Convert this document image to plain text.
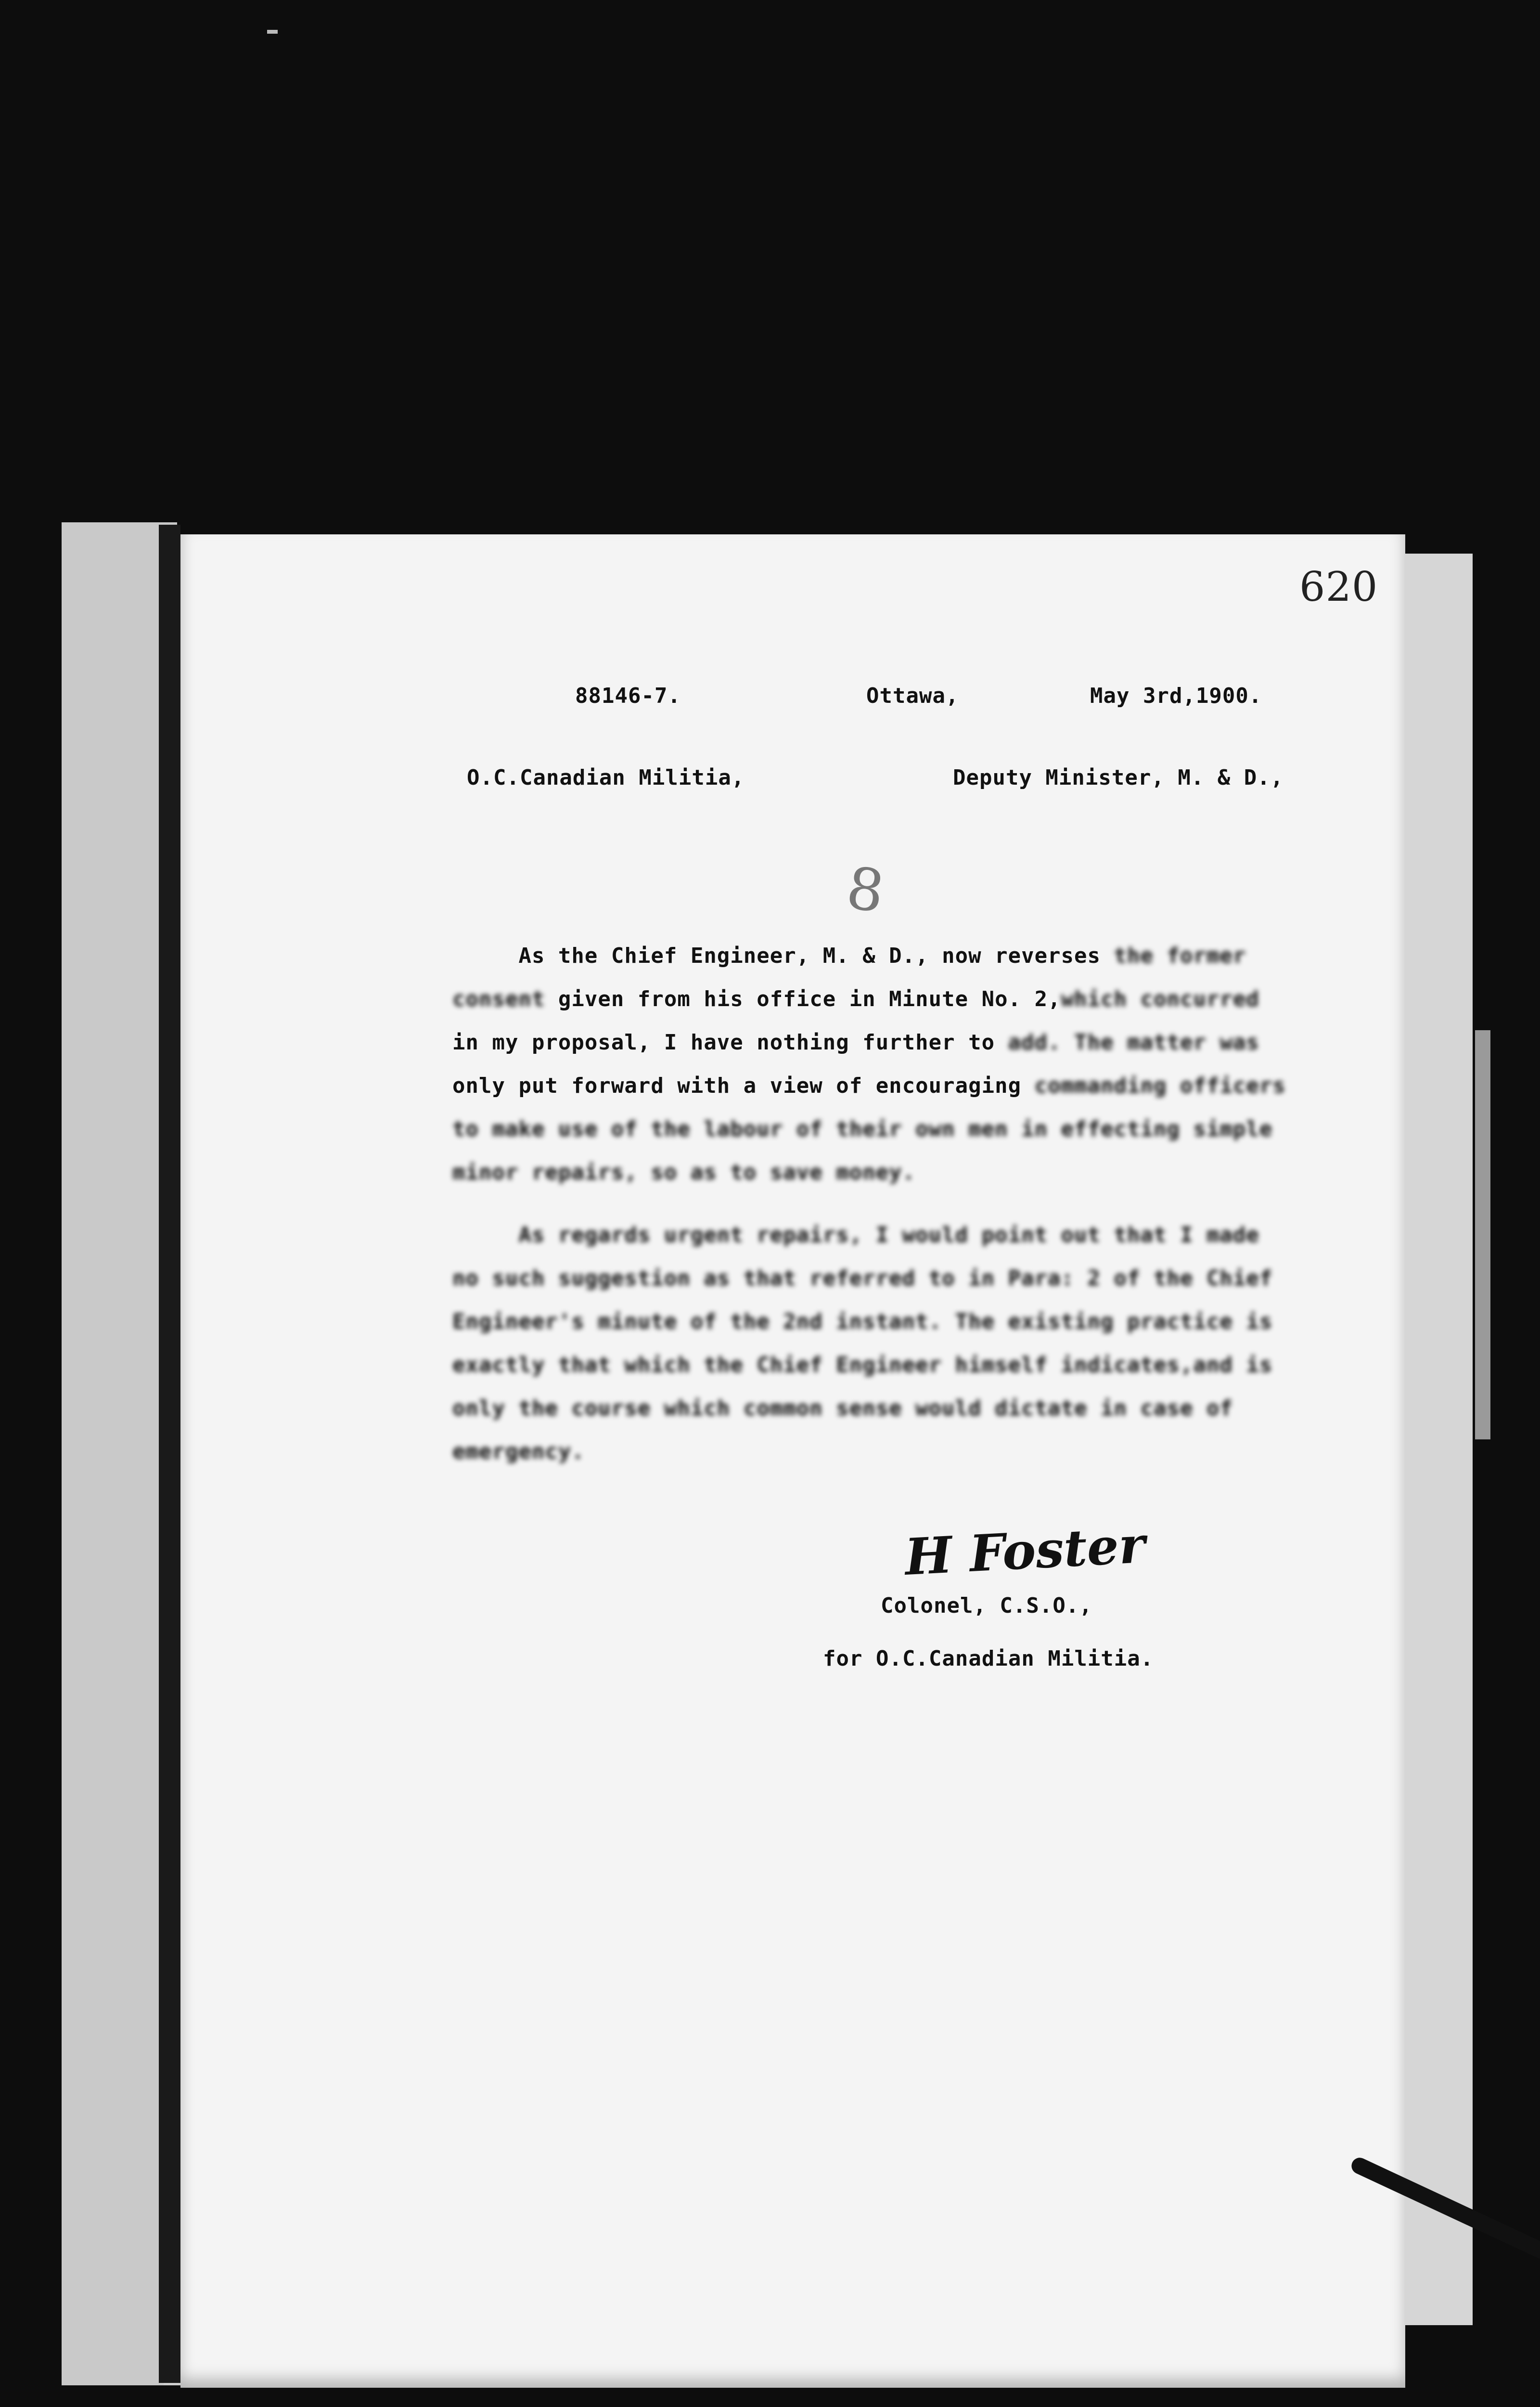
620
88146-7.	Ottawa,	May 3rd,1900.
O.C.Canadian Militia,	Deputy Minister, M. & D.,
8
As the Chief Engineer, M. & D., now reverses the former
consent given from his office in Minute No. 2,which concurred
in my proposal, I have nothing further to add. The matter was
only put forward with a view of encouraging commanding officers
to make use of the labour of their own men in effecting simple
minor repairs, so as to save money.
As regards urgent repairs, I would point out that I made
no such suggestion as that referred to in Para: 2 of the Chief
Engineer's minute of the 2nd instant. The existing practice is
exactly that which the Chief Engineer himself indicates,and is
only the course which common sense would dictate in case of
emergency.
H Foster
Colonel, C.S.O.,
for O.C.Canadian Militia.
